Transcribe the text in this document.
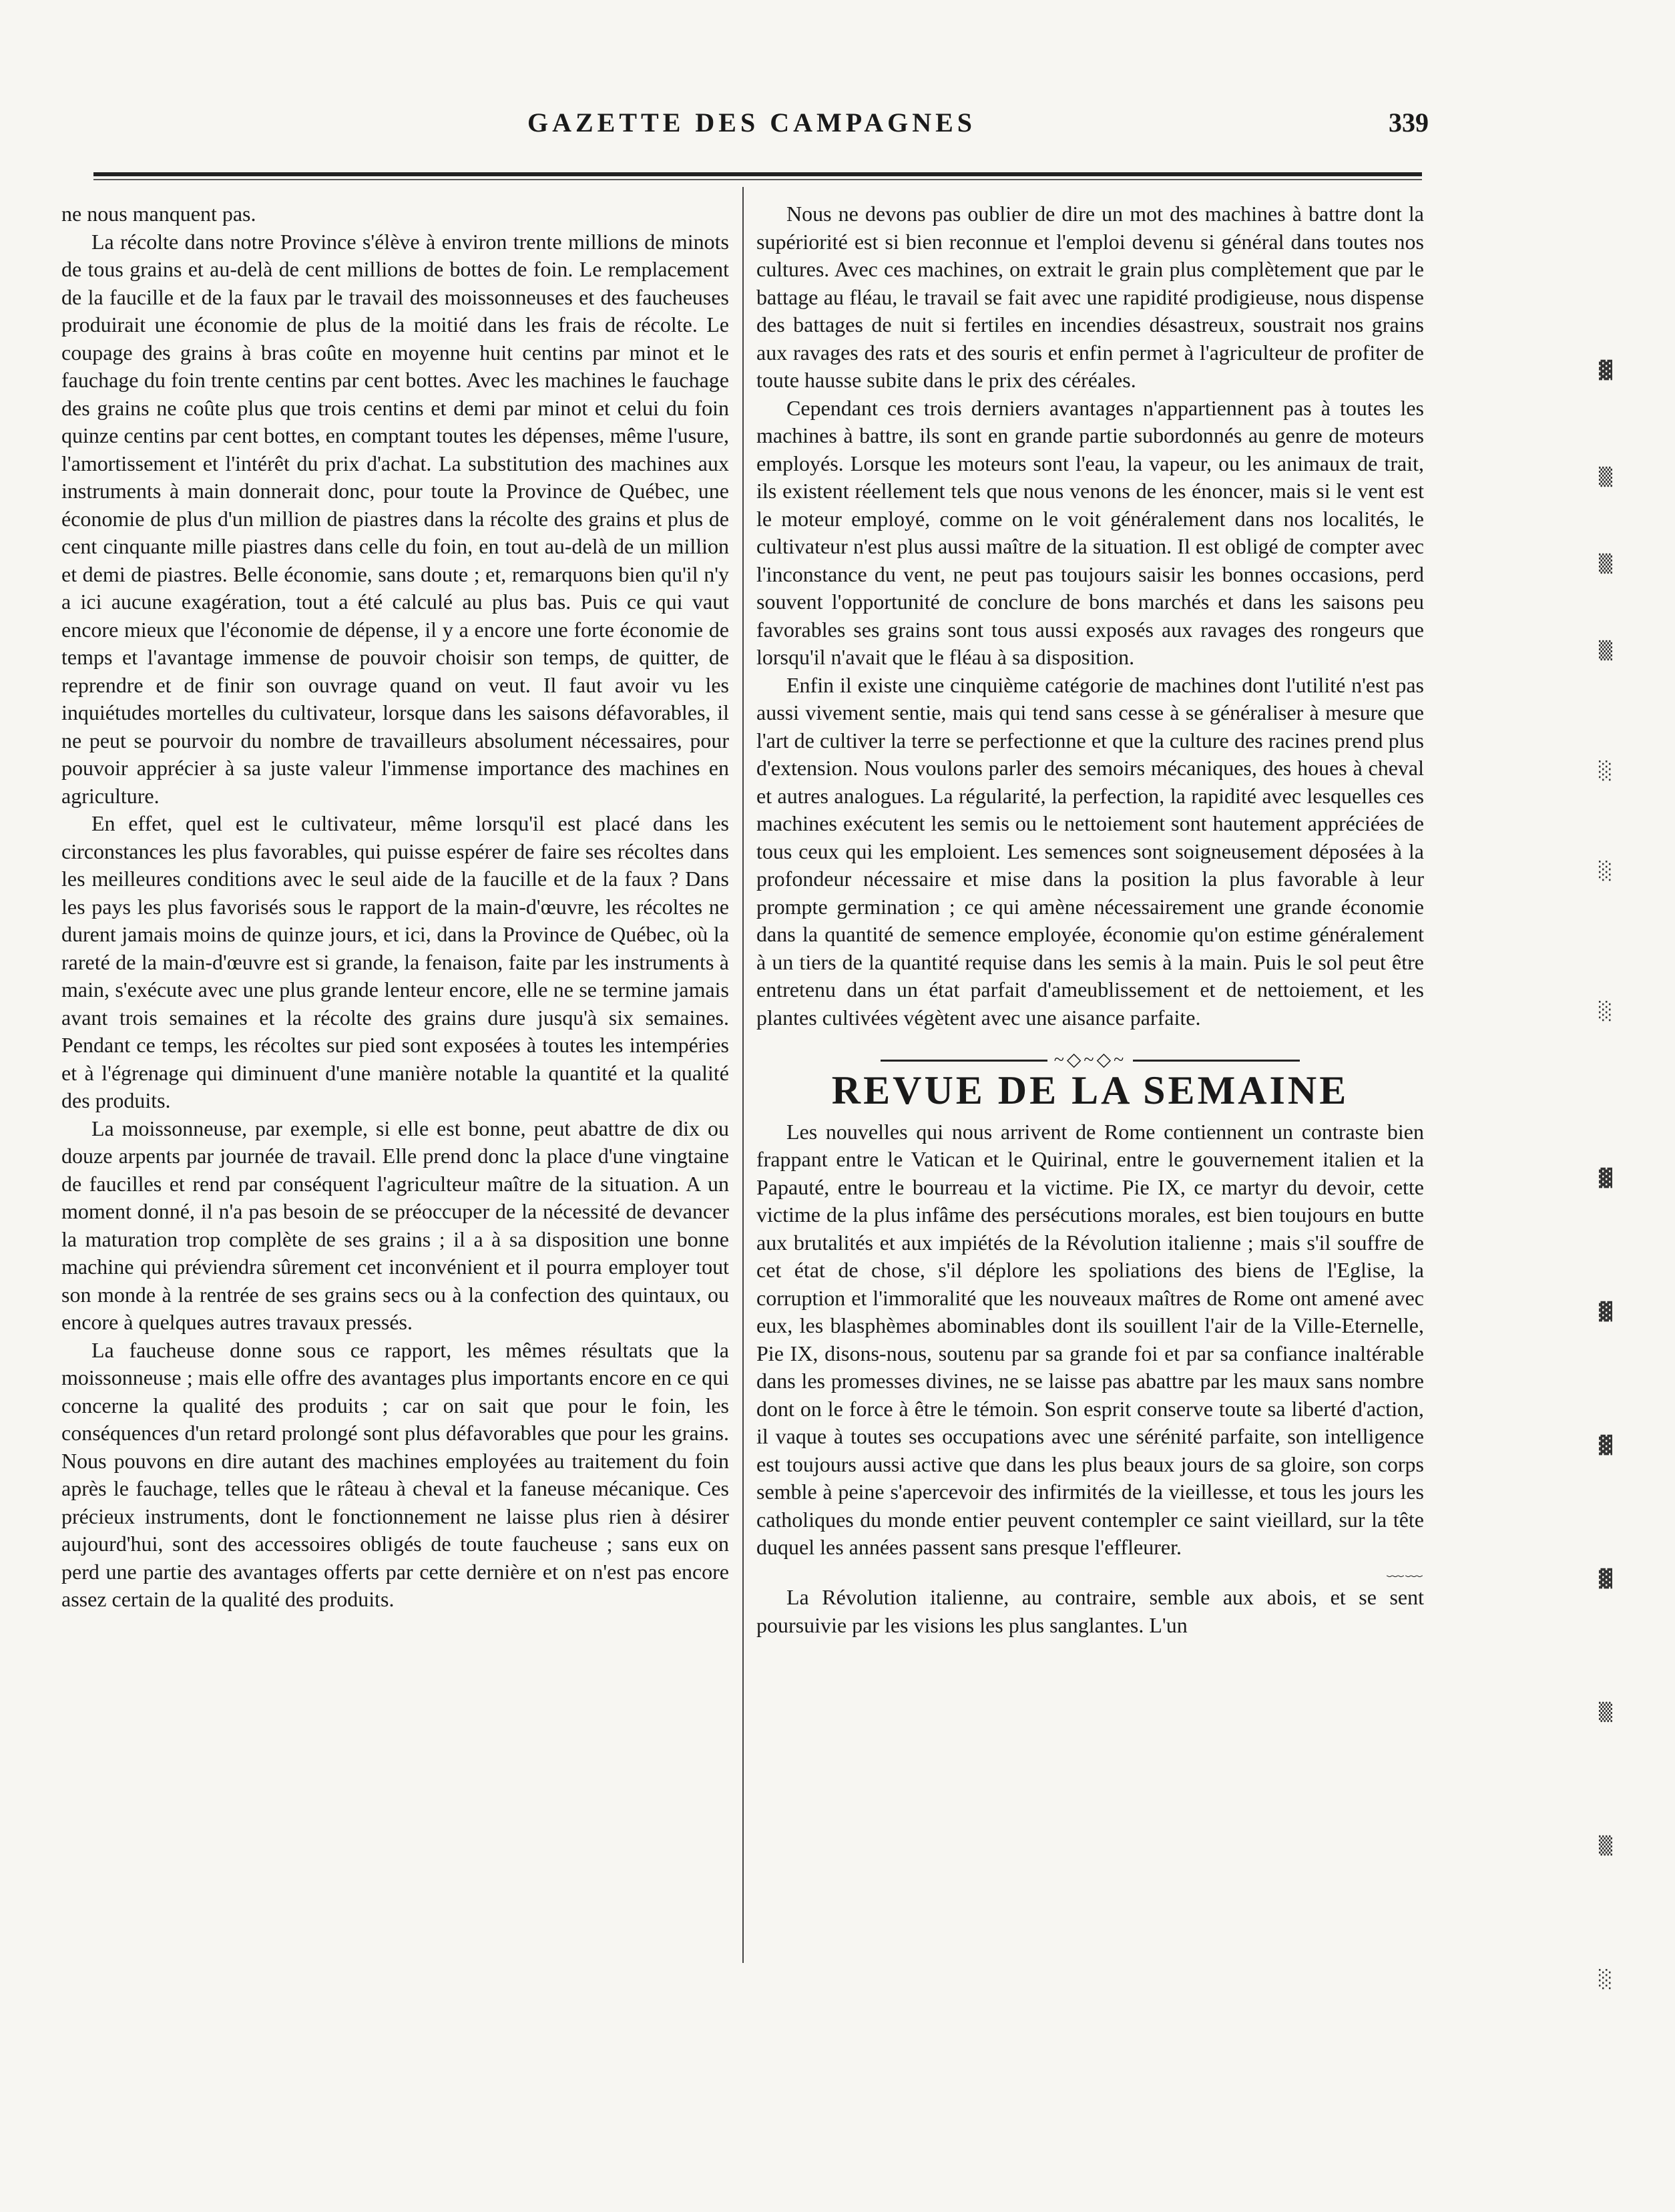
GAZETTE DES CAMPAGNES	339

ne nous manquent pas.

La récolte dans notre Province s'élève à environ trente millions de minots de tous grains et au-delà de cent millions de bottes de foin. Le remplacement de la faucille et de la faux par le travail des moissonneuses et des faucheuses produirait une économie de plus de la moitié dans les frais de récolte. Le coupage des grains à bras coûte en moyenne huit centins par minot et le fauchage du foin trente centins par cent bottes. Avec les machines le fauchage des grains ne coûte plus que trois centins et demi par minot et celui du foin quinze centins par cent bottes, en comptant toutes les dépenses, même l'usure, l'amortissement et l'intérêt du prix d'achat. La substitution des machines aux instruments à main donnerait donc, pour toute la Province de Québec, une économie de plus d'un million de piastres dans la récolte des grains et plus de cent cinquante mille piastres dans celle du foin, en tout au-delà de un million et demi de piastres. Belle économie, sans doute ; et, remarquons bien qu'il n'y a ici aucune exagération, tout a été calculé au plus bas. Puis ce qui vaut encore mieux que l'économie de dépense, il y a encore une forte économie de temps et l'avantage immense de pouvoir choisir son temps, de quitter, de reprendre et de finir son ouvrage quand on veut. Il faut avoir vu les inquiétudes mortelles du cultivateur, lorsque dans les saisons défavorables, il ne peut se pourvoir du nombre de travailleurs absolument nécessaires, pour pouvoir apprécier à sa juste valeur l'immense importance des machines en agriculture.

En effet, quel est le cultivateur, même lorsqu'il est placé dans les circonstances les plus favorables, qui puisse espérer de faire ses récoltes dans les meilleures conditions avec le seul aide de la faucille et de la faux ? Dans les pays les plus favorisés sous le rapport de la main-d'œuvre, les récoltes ne durent jamais moins de quinze jours, et ici, dans la Province de Québec, où la rareté de la main-d'œuvre est si grande, la fenaison, faite par les instruments à main, s'exécute avec une plus grande lenteur encore, elle ne se termine jamais avant trois semaines et la récolte des grains dure jusqu'à six semaines. Pendant ce temps, les récoltes sur pied sont exposées à toutes les intempéries et à l'égrenage qui diminuent d'une manière notable la quantité et la qualité des produits.

La moissonneuse, par exemple, si elle est bonne, peut abattre de dix ou douze arpents par journée de travail. Elle prend donc la place d'une vingtaine de faucilles et rend par conséquent l'agriculteur maître de la situation. A un moment donné, il n'a pas besoin de se préoccuper de la nécessité de devancer la maturation trop complète de ses grains ; il a à sa disposition une bonne machine qui préviendra sûrement cet inconvénient et il pourra employer tout son monde à la rentrée de ses grains secs ou à la confection des quintaux, ou encore à quelques autres travaux pressés.

La faucheuse donne sous ce rapport, les mêmes résultats que la moissonneuse ; mais elle offre des avantages plus importants encore en ce qui concerne la qualité des produits ; car on sait que pour le foin, les conséquences d'un retard prolongé sont plus défavorables que pour les grains. Nous pouvons en dire autant des machines employées au traitement du foin après le fauchage, telles que le râteau à cheval et la faneuse mécanique. Ces précieux instruments, dont le fonctionnement ne laisse plus rien à désirer aujourd'hui, sont des accessoires obligés de toute faucheuse ; sans eux on perd une partie des avantages offerts par cette dernière et on n'est pas encore assez certain de la qualité des produits.

Nous ne devons pas oublier de dire un mot des machines à battre dont la supériorité est si bien reconnue et l'emploi devenu si général dans toutes nos cultures. Avec ces machines, on extrait le grain plus complètement que par le battage au fléau, le travail se fait avec une rapidité prodigieuse, nous dispense des battages de nuit si fertiles en incendies désastreux, soustrait nos grains aux ravages des rats et des souris et enfin permet à l'agriculteur de profiter de toute hausse subite dans le prix des céréales.

Cependant ces trois derniers avantages n'appartiennent pas à toutes les machines à battre, ils sont en grande partie subordonnés au genre de moteurs employés. Lorsque les moteurs sont l'eau, la vapeur, ou les animaux de trait, ils existent réellement tels que nous venons de les énoncer, mais si le vent est le moteur employé, comme on le voit généralement dans nos localités, le cultivateur n'est plus aussi maître de la situation. Il est obligé de compter avec l'inconstance du vent, ne peut pas toujours saisir les bonnes occasions, perd souvent l'opportunité de conclure de bons marchés et dans les saisons peu favorables ses grains sont tous aussi exposés aux ravages des rongeurs que lorsqu'il n'avait que le fléau à sa disposition.

Enfin il existe une cinquième catégorie de machines dont l'utilité n'est pas aussi vivement sentie, mais qui tend sans cesse à se généraliser à mesure que l'art de cultiver la terre se perfectionne et que la culture des racines prend plus d'extension. Nous voulons parler des semoirs mécaniques, des houes à cheval et autres analogues. La régularité, la perfection, la rapidité avec lesquelles ces machines exécutent les semis ou le nettoiement sont hautement appréciées de tous ceux qui les emploient. Les semences sont soigneusement déposées à la profondeur nécessaire et mise dans la position la plus favorable à leur prompte germination ; ce qui amène nécessairement une grande économie dans la quantité de semence employée, économie qu'on estime généralement à un tiers de la quantité requise dans les semis à la main. Puis le sol peut être entretenu dans un état parfait d'ameublissement et de nettoiement, et les plantes cultivées végètent avec une aisance parfaite.

~◇~◇~
REVUE DE LA SEMAINE

Les nouvelles qui nous arrivent de Rome contiennent un contraste bien frappant entre le Vatican et le Quirinal, entre le gouvernement italien et la Papauté, entre le bourreau et la victime. Pie IX, ce martyr du devoir, cette victime de la plus infâme des persécutions morales, est bien toujours en butte aux brutalités et aux impiétés de la Révolution italienne ; mais s'il souffre de cet état de chose, s'il déplore les spoliations des biens de l'Eglise, la corruption et l'immoralité que les nouveaux maîtres de Rome ont amené avec eux, les blasphèmes abominables dont ils souillent l'air de la Ville-Eternelle, Pie IX, disons-nous, soutenu par sa grande foi et par sa confiance inaltérable dans les promesses divines, ne se laisse pas abattre par les maux sans nombre dont on le force à être le témoin. Son esprit conserve toute sa liberté d'action, il vaque à toutes ses occupations avec une sérénité parfaite, son intelligence est toujours aussi active que dans les plus beaux jours de sa gloire, son corps semble à peine s'apercevoir des infirmités de la vieillesse, et tous les jours les catholiques du monde entier peuvent contempler ce saint vieillard, sur la tête duquel les années passent sans presque l'effleurer.

﹏﹏

La Révolution italienne, au contraire, semble aux abois, et se sent poursuivie par les visions les plus sanglantes. L'un

▓
▒
▒
▒
░
░
░
▓
▓
▓
▓
▒
▒
░
